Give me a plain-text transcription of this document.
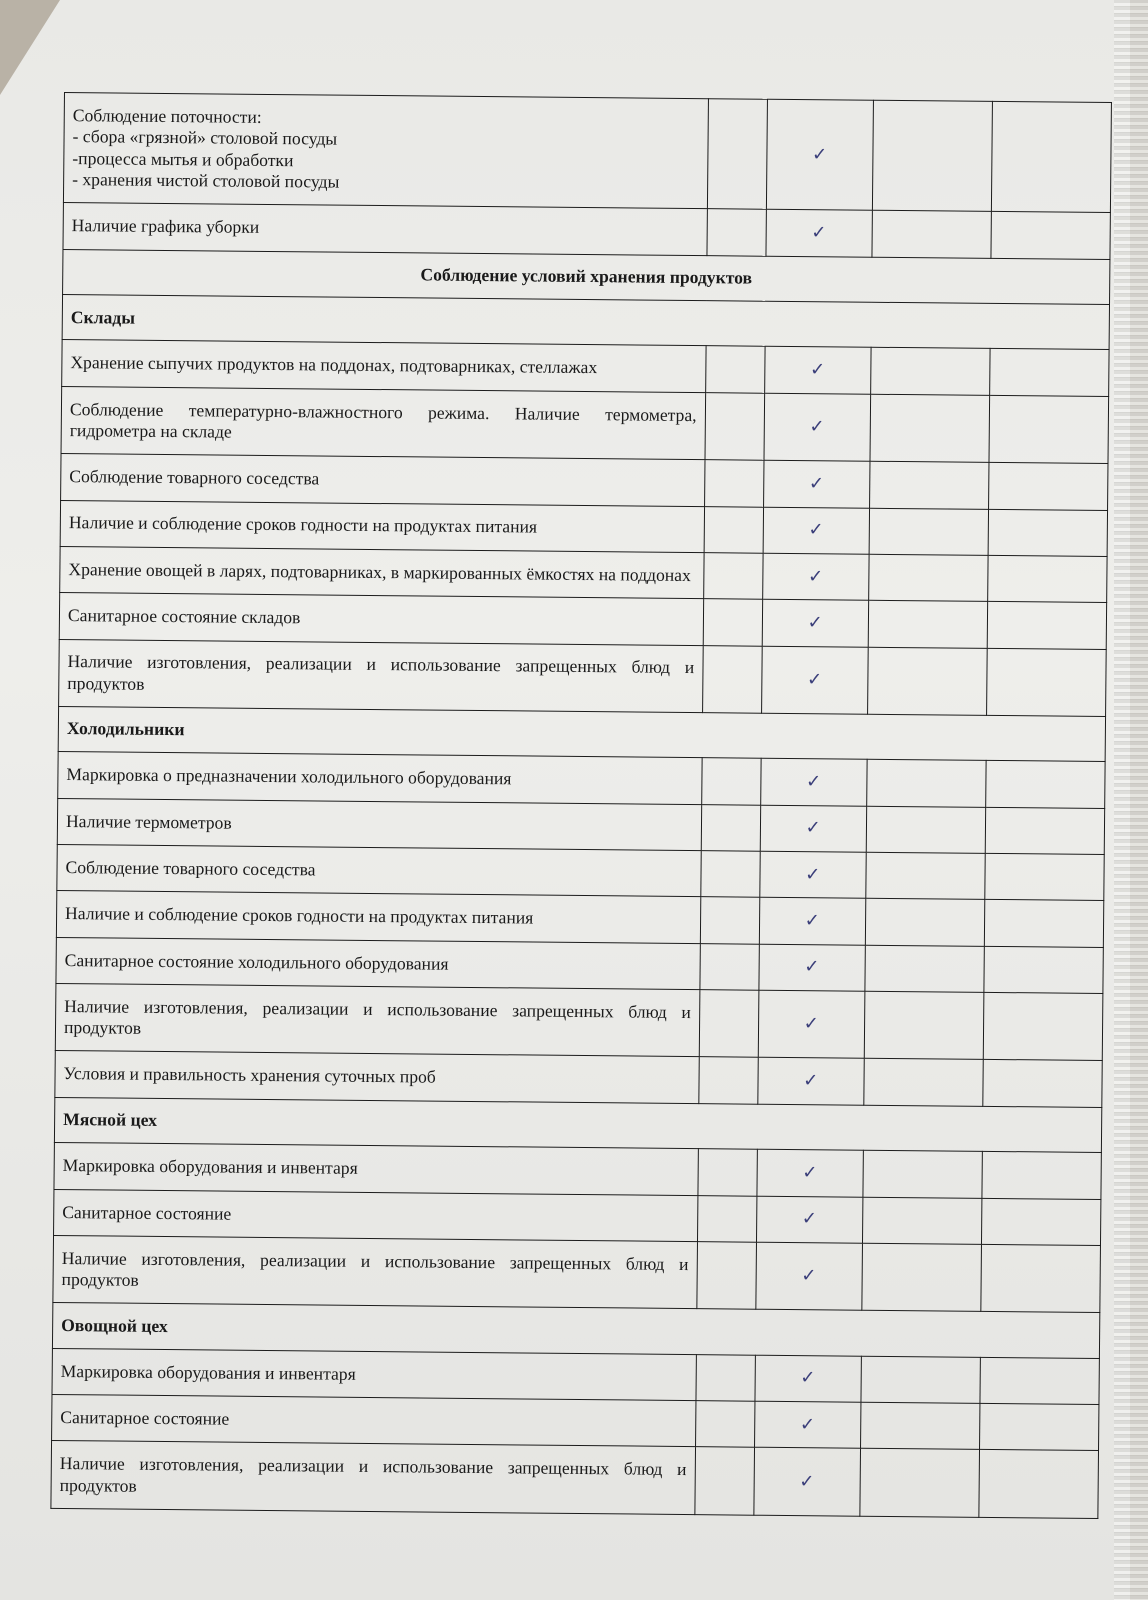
Соблюдение поточности:
- сбора «грязной» столовой посуды
-процесса мытья и обработки
- хранения чистой столовой посуды		✓		
Наличие графика уборки		✓		
Соблюдение условий хранения продуктов				
Склады				
Хранение сыпучих продуктов на поддонах, подтоварниках, стеллажах		✓		
Соблюдение температурно-влажностного режима. Наличие термометра, гидрометра на складе		✓		
Соблюдение товарного соседства		✓		
Наличие и соблюдение сроков годности на продуктах питания		✓		
Хранение овощей в ларях, подтоварниках, в маркированных ёмкостях на поддонах		✓		
Санитарное состояние складов		✓		
Наличие изготовления, реализации и использование запрещенных блюд и продуктов		✓		
Холодильники				
Маркировка о предназначении холодильного оборудования		✓		
Наличие термометров		✓		
Соблюдение товарного соседства		✓		
Наличие и соблюдение сроков годности на продуктах питания		✓		
Санитарное состояние холодильного оборудования		✓		
Наличие изготовления, реализации и использование запрещенных блюд и продуктов		✓		
Условия и правильность хранения суточных проб		✓		
Мясной цех				
Маркировка оборудования и инвентаря		✓		
Санитарное состояние		✓		
Наличие изготовления, реализации и использование запрещенных блюд и продуктов		✓		
Овощной цех				
Маркировка оборудования и инвентаря		✓		
Санитарное состояние		✓		
Наличие изготовления, реализации и использование запрещенных блюд и продуктов		✓		
